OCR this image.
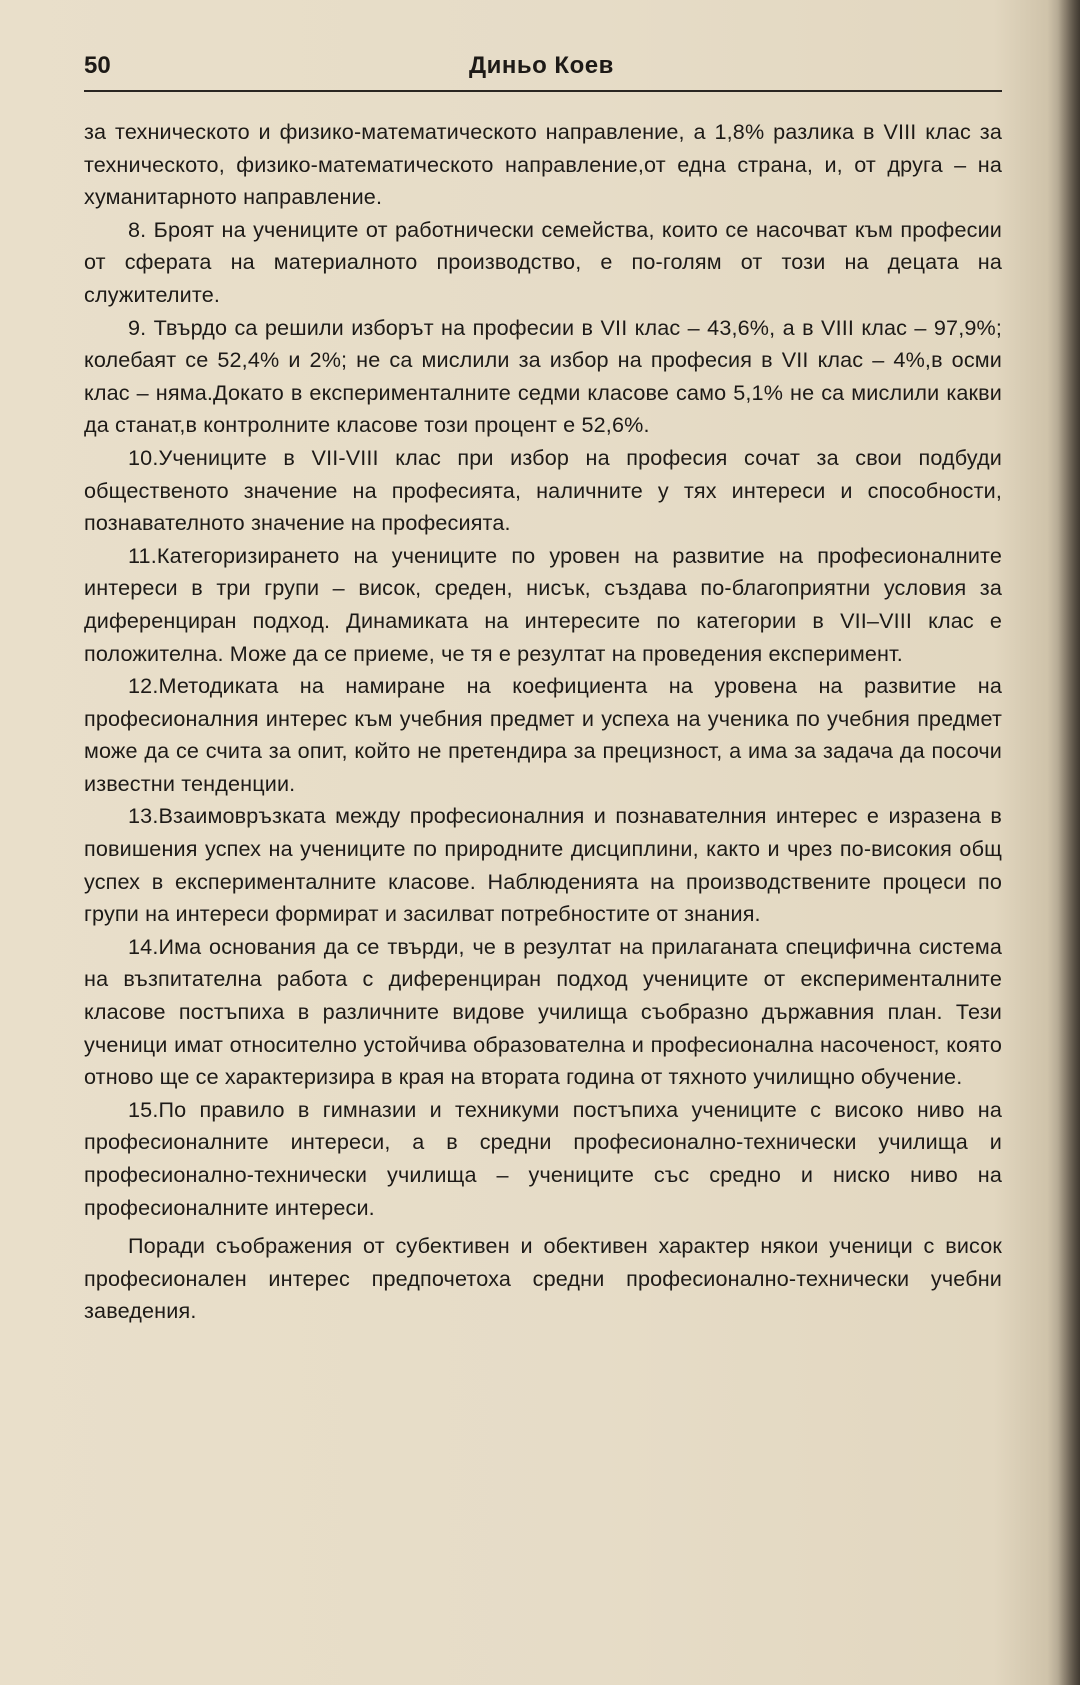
50	Диньо Коев

за техническото и физико-математическото направление, а 1,8% разлика в VIII клас за техническото, физико-математическото направление,от една страна, и, от друга – на хуманитарното направление.

8. Броят на учениците от работнически семейства, които се насочват към професии от сферата на материалното производство, е по-голям от този на децата на служителите.

9. Твърдо са решили изборът на професии в VII клас – 43,6%, а в VIII клас – 97,9%; колебаят се 52,4% и 2%; не са мислили за избор на професия в VII клас – 4%,в осми клас – няма.Докато в експерименталните седми класове само 5,1% не са мислили какви да станат,в контролните класове този процент е 52,6%.

10.Учениците в VII-VIII клас при избор на професия сочат за свои подбуди общественото значение на професията, наличните у тях интереси и способности, познавателното значение на професията.

11.Категоризирането на учениците по уровен на развитие на професионалните интереси в три групи – висок, среден, нисък, създава по-благоприятни условия за диференциран подход. Динамиката на интересите по категории в VII–VIII клас е положителна. Може да се приеме, че тя е резултат на проведения експеримент.

12.Методиката на намиране на коефициента на уровена на развитие на професионалния интерес към учебния предмет и успеха на ученика по учебния предмет може да се счита за опит, който не претендира за прецизност, а има за задача да посочи известни тенденции.

13.Взаимовръзката между професионалния и познавателния интерес е изразена в повишения успех на учениците по природните дисциплини, както и чрез по-високия общ успех в експерименталните класове. Наблюденията на производствените процеси по групи на интереси формират и засилват потребностите от знания.

14.Има основания да се твърди, че в резултат на прилаганата специфична система на възпитателна работа с диференциран подход учениците от експерименталните класове постъпиха в различните видове училища съобразно държавния план. Тези ученици имат относително устойчива образователна и професионална насоченост, която отново ще се характеризира в края на втората година от тяхното училищно обучение.

15.По правило в гимназии и техникуми постъпиха учениците с високо ниво на професионалните интереси, а в средни професионално-технически училища и професионално-технически училища – учениците със средно и ниско ниво на професионалните интереси.

Поради съображения от субективен и обективен характер някои ученици с висок професионален интерес предпочетоха средни професионално-технически учебни заведения.
